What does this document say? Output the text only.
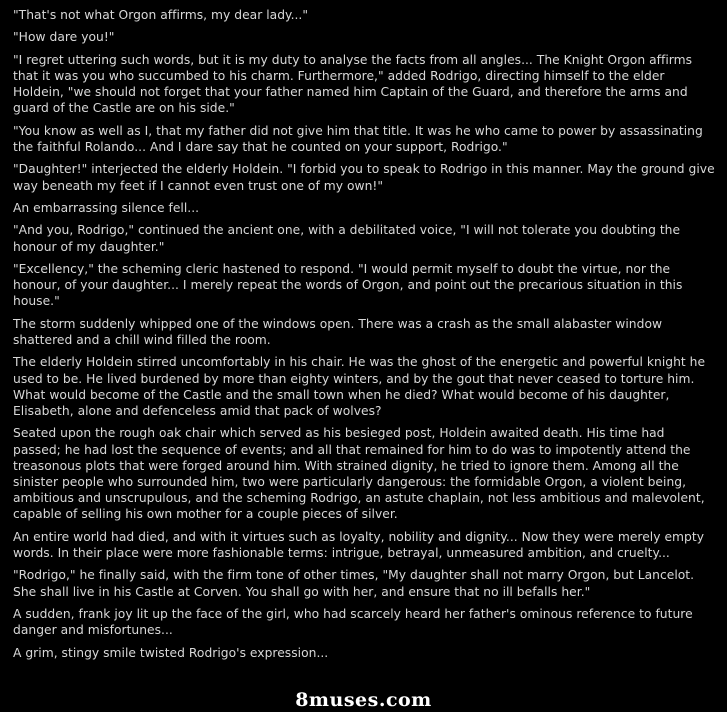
"That's not what Orgon affirms, my dear lady..."

"How dare you!"

"I regret uttering such words, but it is my duty to analyse the facts from all angles... The Knight Orgon affirms that it was you who succumbed to his charm. Furthermore," added Rodrigo, directing himself to the elder Holdein, "we should not forget that your father named him Captain of the Guard, and therefore the arms and guard of the Castle are on his side."

"You know as well as I, that my father did not give him that title. It was he who came to power by assassinating the faithful Rolando... And I dare say that he counted on your support, Rodrigo."

"Daughter!" interjected the elderly Holdein. "I forbid you to speak to Rodrigo in this manner. May the ground give way beneath my feet if I cannot even trust one of my own!"

An embarrassing silence fell...

"And you, Rodrigo," continued the ancient one, with a debilitated voice, "I will not tolerate you doubting the honour of my daughter."

"Excellency," the scheming cleric hastened to respond. "I would permit myself to doubt the virtue, nor the honour, of your daughter... I merely repeat the words of Orgon, and point out the precarious situation in this house."

The storm suddenly whipped one of the windows open. There was a crash as the small alabaster window shattered and a chill wind filled the room.

The elderly Holdein stirred uncomfortably in his chair. He was the ghost of the energetic and powerful knight he used to be. He lived burdened by more than eighty winters, and by the gout that never ceased to torture him. What would become of the Castle and the small town when he died? What would become of his daughter, Elisabeth, alone and defenceless amid that pack of wolves?

Seated upon the rough oak chair which served as his besieged post, Holdein awaited death. His time had passed; he had lost the sequence of events; and all that remained for him to do was to impotently attend the treasonous plots that were forged around him. With strained dignity, he tried to ignore them. Among all the sinister people who surrounded him, two were particularly dangerous: the formidable Orgon, a violent being, ambitious and unscrupulous, and the scheming Rodrigo, an astute chaplain, not less ambitious and malevolent, capable of selling his own mother for a couple pieces of silver.

An entire world had died, and with it virtues such as loyalty, nobility and dignity... Now they were merely empty words. In their place were more fashionable terms: intrigue, betrayal, unmeasured ambition, and cruelty...

"Rodrigo," he finally said, with the firm tone of other times, "My daughter shall not marry Orgon, but Lancelot. She shall live in his Castle at Corven. You shall go with her, and ensure that no ill befalls her."

A sudden, frank joy lit up the face of the girl, who had scarcely heard her father's ominous reference to future danger and misfortunes...

A grim, stingy smile twisted Rodrigo's expression...

8muses.com
